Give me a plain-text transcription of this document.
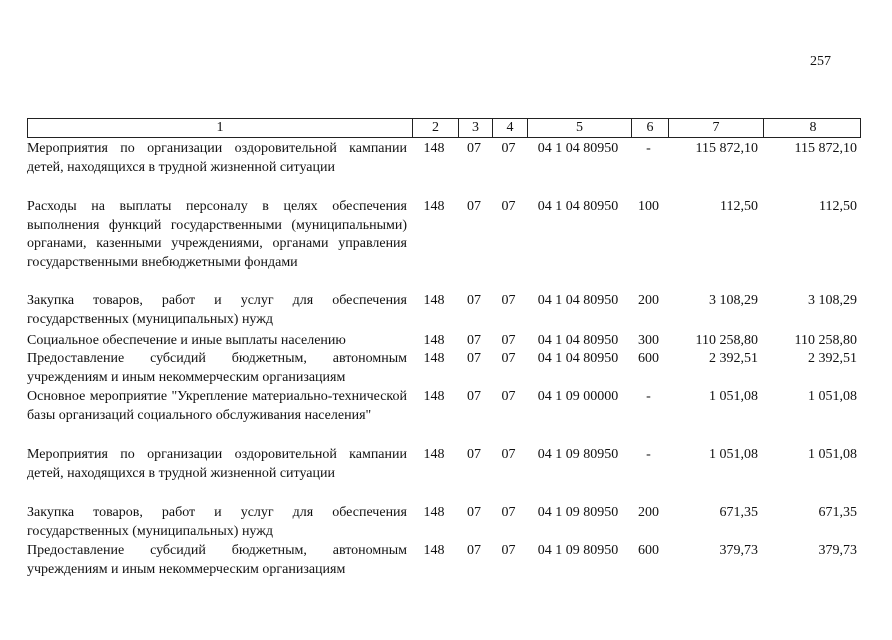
257
1	2	3	4	5	6	7	8
Мероприятия по организации оздоровительной кампании детей, находящихся в трудной жизненной ситуации
148	07	07	04 1 04 80950	-	115 872,10	115 872,10
Расходы на выплаты персоналу в целях обеспечения выполнения функций государственными (муниципальными) органами, казенными учреждениями, органами управления государственными внебюджетными фондами
148	07	07	04 1 04 80950	100	112,50	112,50
Закупка товаров, работ и услуг для обеспечения государственных (муниципальных) нужд
148	07	07	04 1 04 80950	200	3 108,29	3 108,29
Социальное обеспечение и иные выплаты населению	148	07	07	04 1 04 80950	300	110 258,80	110 258,80
Предоставление субсидий бюджетным, автономным учреждениям и иным некоммерческим организациям
148	07	07	04 1 04 80950	600	2 392,51	2 392,51
Основное мероприятие "Укрепление материально-технической базы организаций социального обслуживания населения"
148	07	07	04 1 09 00000	-	1 051,08	1 051,08
Мероприятия по организации оздоровительной кампании детей, находящихся в трудной жизненной ситуации
148	07	07	04 1 09 80950	-	1 051,08	1 051,08
Закупка товаров, работ и услуг для обеспечения государственных (муниципальных) нужд
148	07	07	04 1 09 80950	200	671,35	671,35
Предоставление субсидий бюджетным, автономным учреждениям и иным некоммерческим организациям
148	07	07	04 1 09 80950	600	379,73	379,73
